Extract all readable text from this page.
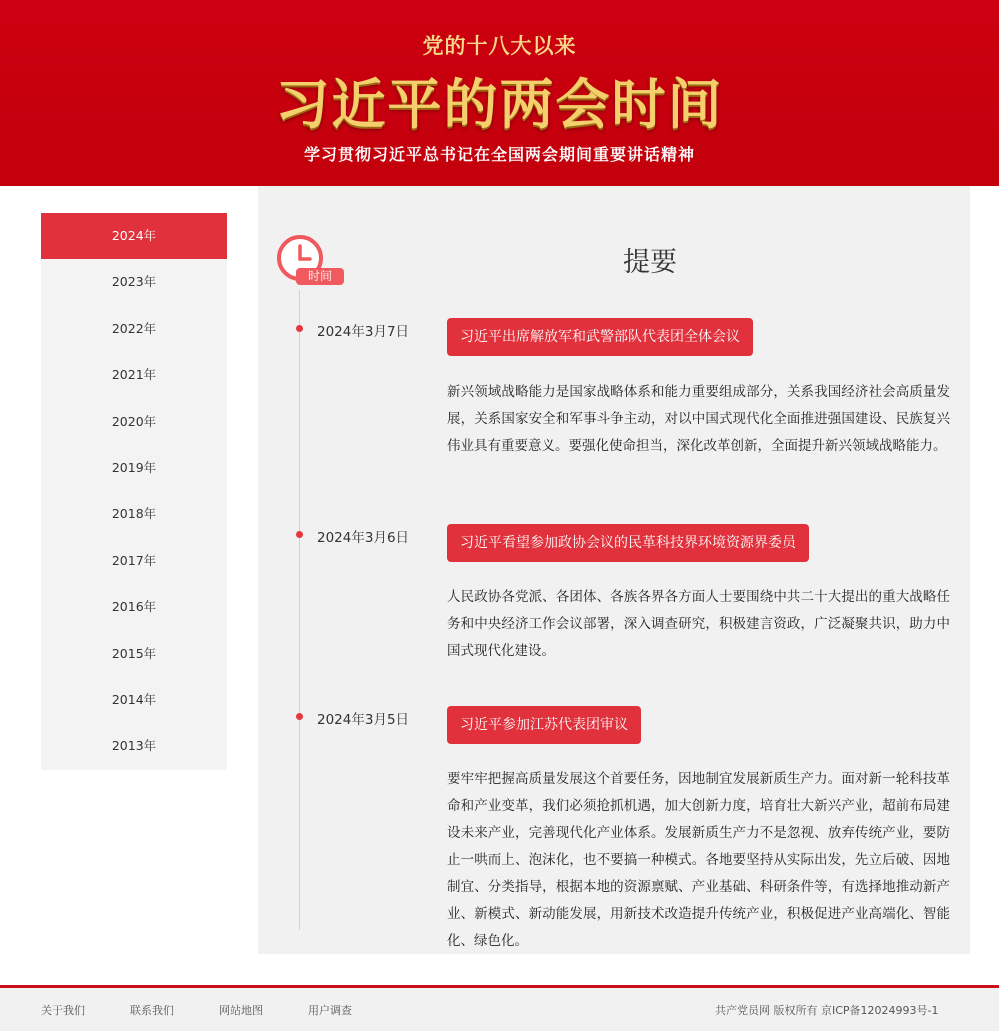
党的十八大以来
习近平的两会时间
学习贯彻习近平总书记在全国两会期间重要讲话精神
2024年
2023年
2022年
2021年
2020年
2019年
2018年
2017年
2016年
2015年
2014年
2013年
时间	提要
2024年3月7日	习近平出席解放军和武警部队代表团全体会议
新兴领域战略能力是国家战略体系和能力重要组成部分，关系我国经济社会高质量发展，关系国家安全和军事斗争主动，对以中国式现代化全面推进强国建设、民族复兴伟业具有重要意义。要强化使命担当，深化改革创新，全面提升新兴领域战略能力。
2024年3月6日	习近平看望参加政协会议的民革科技界环境资源界委员
人民政协各党派、各团体、各族各界各方面人士要围绕中共二十大提出的重大战略任务和中央经济工作会议部署，深入调查研究，积极建言资政，广泛凝聚共识，助力中国式现代化建设。
2024年3月5日	习近平参加江苏代表团审议
要牢牢把握高质量发展这个首要任务，因地制宜发展新质生产力。面对新一轮科技革命和产业变革，我们必须抢抓机遇，加大创新力度，培育壮大新兴产业，超前布局建设未来产业，完善现代化产业体系。发展新质生产力不是忽视、放弃传统产业，要防止一哄而上、泡沫化，也不要搞一种模式。各地要坚持从实际出发，先立后破、因地制宜、分类指导，根据本地的资源禀赋、产业基础、科研条件等，有选择地推动新产业、新模式、新动能发展，用新技术改造提升传统产业，积极促进产业高端化、智能化、绿色化。
关于我们	联系我们	网站地图	用户调查	共产党员网 版权所有 京ICP备12024993号-1
